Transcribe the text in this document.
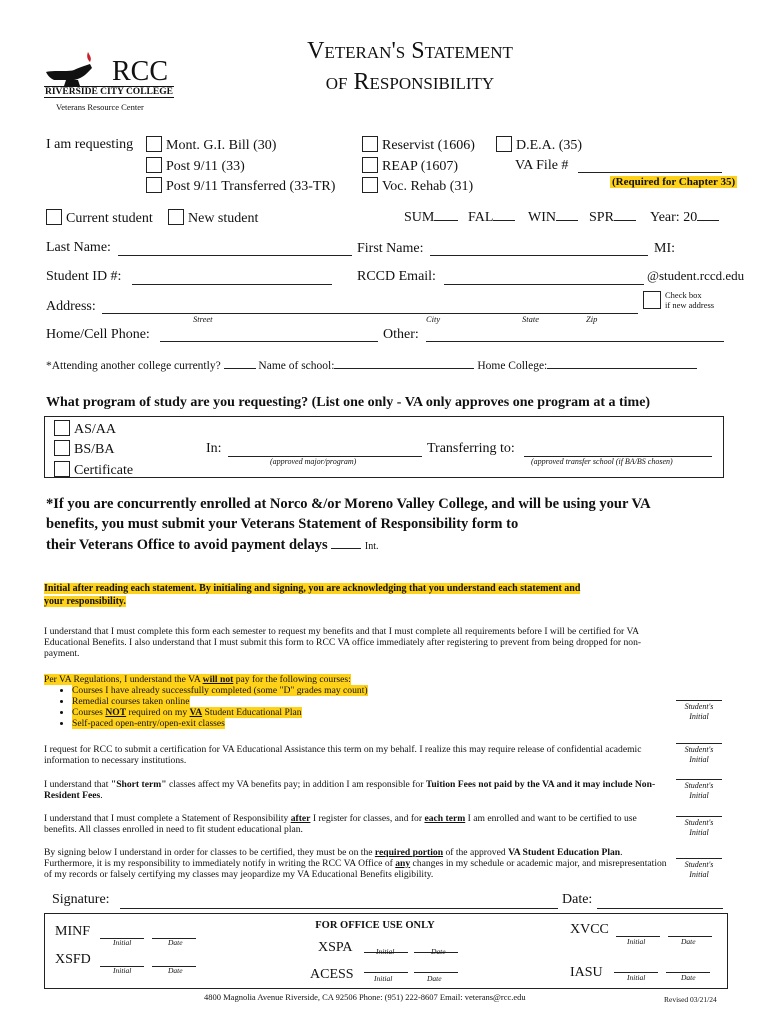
RCC
RIVERSIDE CITY COLLEGE
Veterans Resource Center
Veteran's Statement
of Responsibility
I am requesting	Mont. G.I. Bill (30)
Post 9/11 (33)
Post 9/11 Transferred (33-TR)
Reservist (1606)
REAP (1607)
Voc. Rehab (31)
D.E.A. (35)
VA File #
(Required for Chapter 35)
Current student	New student	SUM	FAL	WIN	SPR	Year: 20
Last Name:	First Name:	MI:
Student ID #:	RCCD Email:	@student.rccd.edu
Address:
Street	City	State	Zip
Check box
if new address
Home/Cell Phone:	Other:
*Attending another college currently?	Name of school:	Home College:
What program of study are you requesting? (List one only - VA only approves one program at a time)
AS/AA
BS/BA
Certificate
In:
(approved major/program)
Transferring to:
(approved transfer school (if BA/BS chosen)
*If you are concurrently enrolled at Norco &/or Moreno Valley College, and will be using your VA
benefits, you must submit your Veterans Statement of Responsibility form to
their Veterans Office to avoid payment delays	Int.
Initial after reading each statement. By initialing and signing, you are acknowledging that you understand each statement and
your responsibility.
I understand that I must complete this form each semester to request my benefits and that I must complete all requirements before I will be certified for VA Educational Benefits. I also understand that I must submit this form to RCC VA office immediately after registering to prevent from being dropped for non-payment.
Per VA Regulations, I understand the VA will not pay for the following courses:
• Courses I have already successfully completed (some "D" grades may count)
• Remedial courses taken online
• Courses NOT required on my VA Student Educational Plan
• Self-paced open-entry/open-exit classes
I request for RCC to submit a certification for VA Educational Assistance this term on my behalf. I realize this may require release of confidential academic information to necessary institutions.
I understand that "Short term" classes affect my VA benefits pay; in addition I am responsible for Tuition Fees not paid by the VA and it may include Non-Resident Fees.
I understand that I must complete a Statement of Responsibility after I register for classes, and for each term I am enrolled and want to be certified to use benefits. All classes enrolled in need to fit student educational plan.
By signing below I understand in order for classes to be certified, they must be on the required portion of the approved VA Student Education Plan. Furthermore, it is my responsibility to immediately notify in writing the RCC VA Office of any changes in my schedule or academic major, and misrepresentation of my records or falsely certifying my classes may jeopardize my VA Educational Benefits eligibility.
Student's
Initial
Student's
Initial
Student's
Initial
Student's
Initial
Student's
Initial
Signature:	Date:
FOR OFFICE USE ONLY
MINF
Initial	Date
XSFD
Initial	Date
XSPA	Initial	Date
ACESS	Initial	Date
XVCC
Initial	Date
IASU	Initial	Date
4800 Magnolia Avenue Riverside, CA 92506 Phone: (951) 222-8607 Email: veterans@rcc.edu	Revised 03/21/24
